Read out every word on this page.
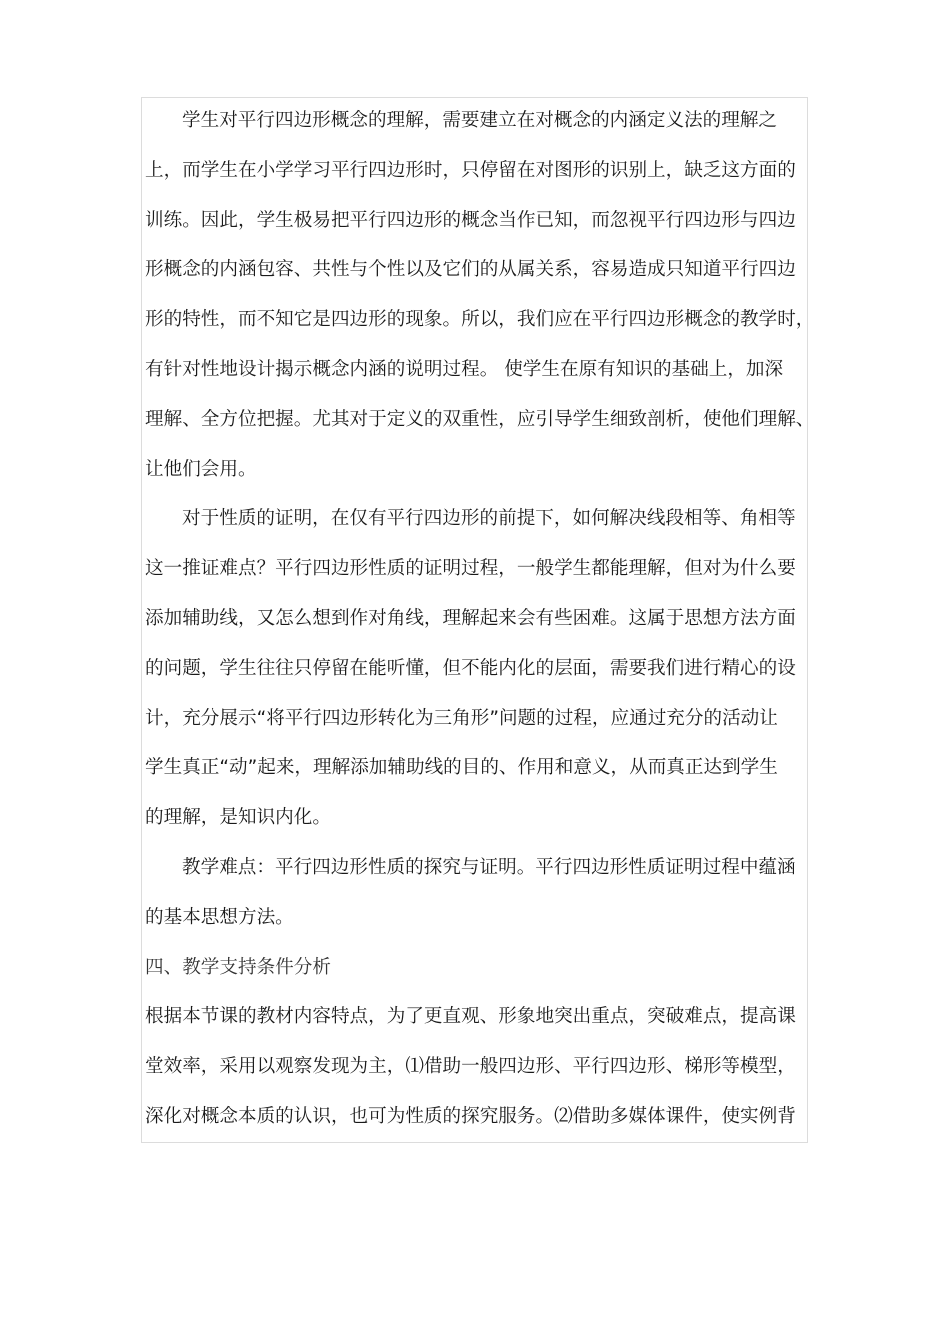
学生对平行四边形概念的理解，需要建立在对概念的内涵定义法的理解之
上，而学生在小学学习平行四边形时，只停留在对图形的识别上，缺乏这方面的
训练。因此，学生极易把平行四边形的概念当作已知，而忽视平行四边形与四边
形概念的内涵包容、共性与个性以及它们的从属关系，容易造成只知道平行四边
形的特性，而不知它是四边形的现象。所以，我们应在平行四边形概念的教学时，
有针对性地设计揭示概念内涵的说明过程。 使学生在原有知识的基础上，加深
理解、全方位把握。尤其对于定义的双重性，应引导学生细致剖析，使他们理解、
让他们会用。
对于性质的证明，在仅有平行四边形的前提下，如何解决线段相等、角相等
这一推证难点？平行四边形性质的证明过程，一般学生都能理解，但对为什么要
添加辅助线，又怎么想到作对角线，理解起来会有些困难。这属于思想方法方面
的问题，学生往往只停留在能听懂，但不能内化的层面，需要我们进行精心的设
计，充分展示“将平行四边形转化为三角形”问题的过程，应通过充分的活动让
学生真正“动”起来，理解添加辅助线的目的、作用和意义，从而真正达到学生
的理解，是知识内化。
教学难点：平行四边形性质的探究与证明。平行四边形性质证明过程中蕴涵
的基本思想方法。
四、教学支持条件分析
根据本节课的教材内容特点，为了更直观、形象地突出重点，突破难点，提高课
堂效率，采用以观察发现为主，⑴借助一般四边形、平行四边形、梯形等模型，
深化对概念本质的认识，也可为性质的探究服务。⑵借助多媒体课件，使实例背
